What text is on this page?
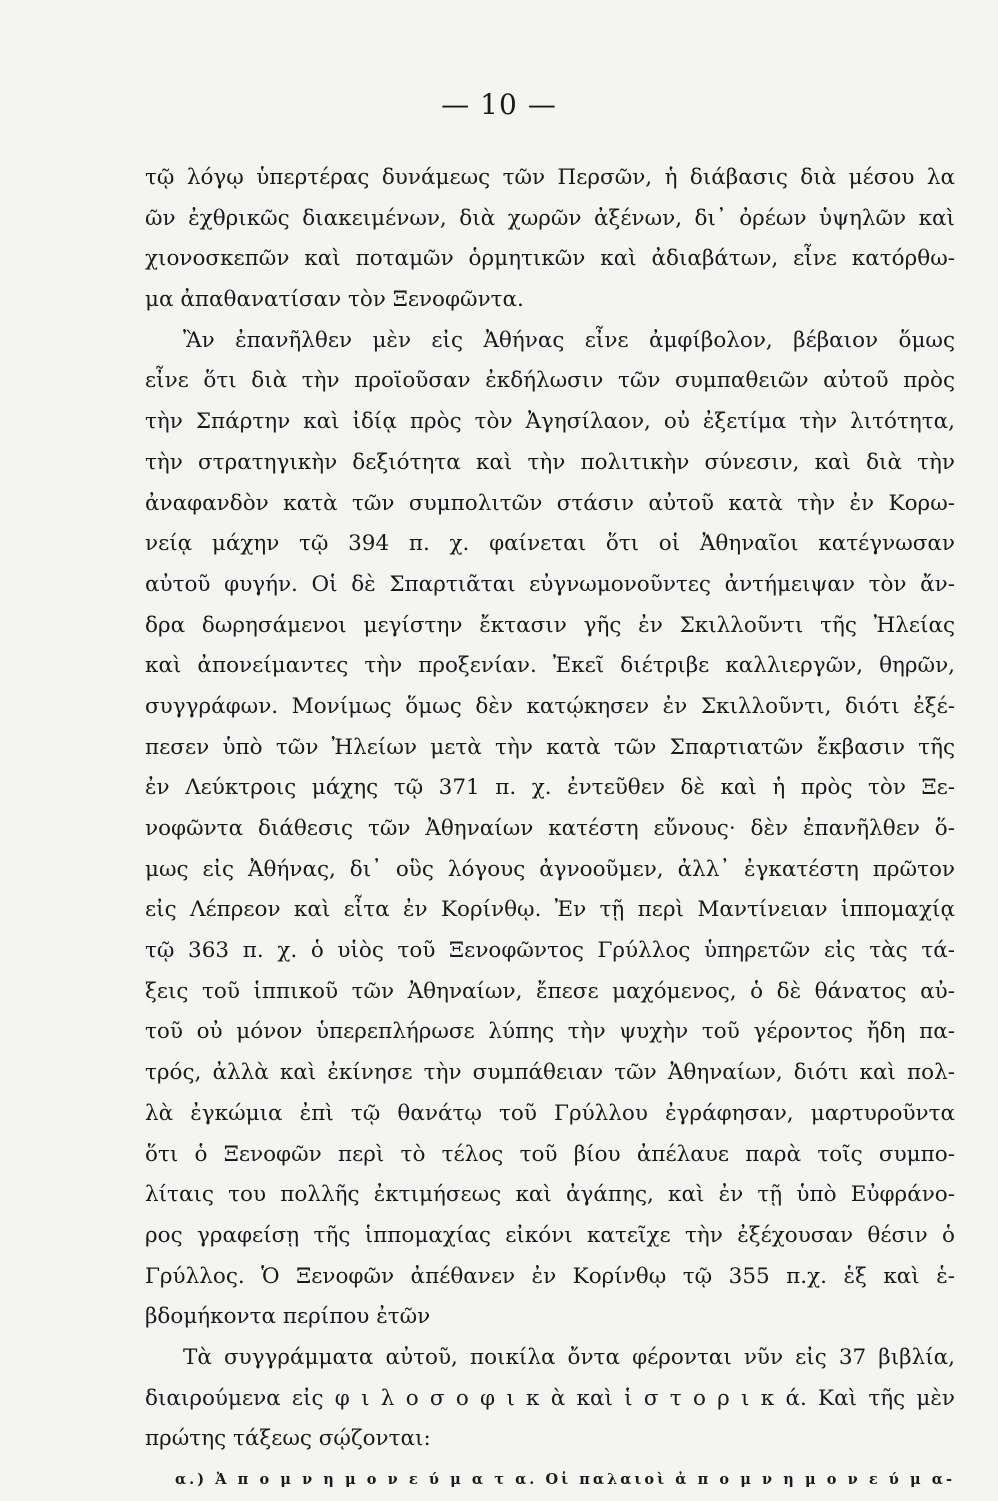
— 10 —
τῷ λόγῳ ὑπερτέρας δυνάμεως τῶν Περσῶν, ἡ διάβασις διὰ μέσου λα
ῶν ἐχθρικῶς διακειμένων, διὰ χωρῶν ἀξένων, δι᾽ ὀρέων ὑψηλῶν καὶ
χιονοσκεπῶν καὶ ποταμῶν ὁρμητικῶν καὶ ἀδιαβάτων, εἶνε κατόρθω-
μα ἀπαθανατίσαν τὸν Ξενοφῶντα.
Ἂν ἐπανῆλθεν μὲν εἰς Ἀθήνας εἶνε ἀμφίβολον, βέβαιον ὅμως
εἶνε ὅτι διὰ τὴν προϊοῦσαν ἐκδήλωσιν τῶν συμπαθειῶν αὐτοῦ πρὸς
τὴν Σπάρτην καὶ ἰδίᾳ πρὸς τὸν Ἀγησίλαον, οὐ ἐξετίμα τὴν λιτότητα,
τὴν στρατηγικὴν δεξιότητα καὶ τὴν πολιτικὴν σύνεσιν, καὶ διὰ τὴν
ἀναφανδὸν κατὰ τῶν συμπολιτῶν στάσιν αὐτοῦ κατὰ τὴν ἐν Κορω-
νείᾳ μάχην τῷ 394 π. χ. φαίνεται ὅτι οἱ Ἀθηναῖοι κατέγνωσαν
αὐτοῦ φυγήν. Οἱ δὲ Σπαρτιᾶται εὐγνωμονοῦντες ἀντήμειψαν τὸν ἄν-
δρα δωρησάμενοι μεγίστην ἔκτασιν γῆς ἐν Σκιλλοῦντι τῆς Ἠλείας
καὶ ἀπονείμαντες τὴν προξενίαν. Ἐκεῖ διέτριβε καλλιεργῶν, θηρῶν,
συγγράφων. Μονίμως ὅμως δὲν κατῴκησεν ἐν Σκιλλοῦντι, διότι ἐξέ-
πεσεν ὑπὸ τῶν Ἠλείων μετὰ τὴν κατὰ τῶν Σπαρτιατῶν ἔκβασιν τῆς
ἐν Λεύκτροις μάχης τῷ 371 π. χ. ἐντεῦθεν δὲ καὶ ἡ πρὸς τὸν Ξε-
νοφῶντα διάθεσις τῶν Ἀθηναίων κατέστη εὔνους· δὲν ἐπανῆλθεν ὅ-
μως εἰς Ἀθήνας, δι᾽ οὓς λόγους ἀγνοοῦμεν, ἀλλ᾽ ἐγκατέστη πρῶτον
εἰς Λέπρεον καὶ εἶτα ἐν Κορίνθῳ. Ἐν τῇ περὶ Μαντίνειαν ἱππομαχίᾳ
τῷ 363 π. χ. ὁ υἱὸς τοῦ Ξενοφῶντος Γρύλλος ὑπηρετῶν εἰς τὰς τά-
ξεις τοῦ ἱππικοῦ τῶν Ἀθηναίων, ἔπεσε μαχόμενος, ὁ δὲ θάνατος αὐ-
τοῦ οὐ μόνον ὑπερεπλήρωσε λύπης τὴν ψυχὴν τοῦ γέροντος ἤδη πα-
τρός, ἀλλὰ καὶ ἐκίνησε τὴν συμπάθειαν τῶν Ἀθηναίων, διότι καὶ πολ-
λὰ ἐγκώμια ἐπὶ τῷ θανάτῳ τοῦ Γρύλλου ἐγράφησαν, μαρτυροῦντα
ὅτι ὁ Ξενοφῶν περὶ τὸ τέλος τοῦ βίου ἀπέλαυε παρὰ τοῖς συμπο-
λίταις του πολλῆς ἐκτιμήσεως καὶ ἀγάπης, καὶ ἐν τῇ ὑπὸ Εὐφράνο-
ρος γραφείσῃ τῆς ἱππομαχίας εἰκόνι κατεῖχε τὴν ἐξέχουσαν θέσιν ὁ
Γρύλλος. Ὁ Ξενοφῶν ἀπέθανεν ἐν Κορίνθῳ τῷ 355 π.χ. ἑξ καὶ ἑ-
βδομήκοντα περίπου ἐτῶν
Τὰ συγγράμματα αὐτοῦ, ποικίλα ὄντα φέρονται νῦν εἰς 37 βιβλία,
διαιρούμενα εἰς φ ι λ ο σ ο φ ι κ ὰ καὶ ἱ σ τ ο ρ ι κ ά. Καὶ τῆς μὲν
πρώτης τάξεως σῴζονται:
α.) Ἀ π ο μ ν η μ ο ν ε ύ μ α τ α. Οἱ παλαιοὶ ἀ π ο μ ν η μ ο ν ε ύ μ α-
